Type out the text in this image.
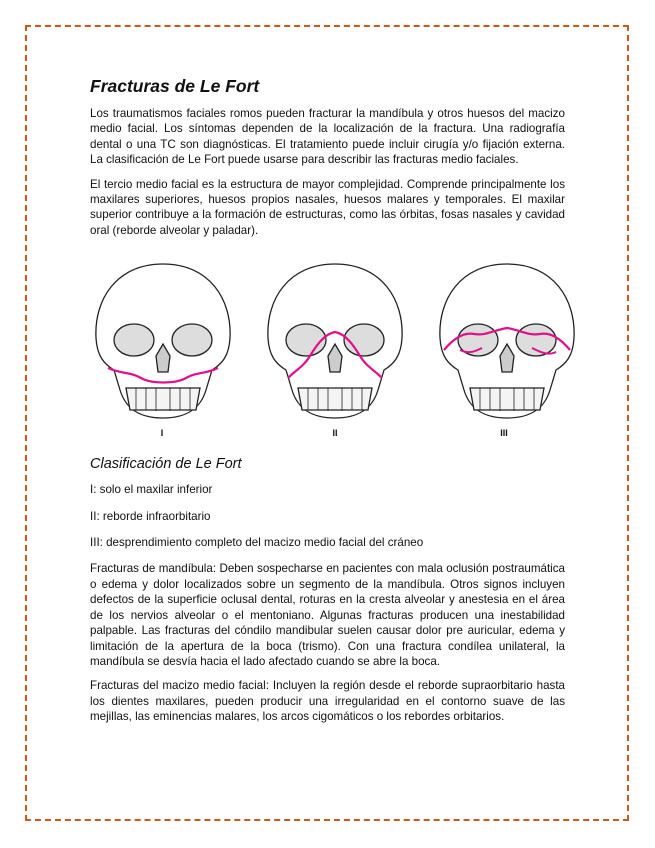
Fracturas de Le Fort

Los traumatismos faciales romos pueden fracturar la mandíbula y otros huesos del macizo medio facial. Los síntomas dependen de la localización de la fractura. Una radiografía dental o una TC son diagnósticas. El tratamiento puede incluir cirugía y/o fijación externa. La clasificación de Le Fort puede usarse para describir las fracturas medio faciales.

El tercio medio facial es la estructura de mayor complejidad. Comprende principalmente los maxilares superiores, huesos propios nasales, huesos malares y temporales. El maxilar superior contribuye a la formación de estructuras, como las órbitas, fosas nasales y cavidad oral (reborde alveolar y paladar).

I	II	III
Clasificación de Le Fort

I: solo el maxilar inferior

II: reborde infraorbitario

III: desprendimiento completo del macizo medio facial del cráneo

Fracturas de mandíbula: Deben sospecharse en pacientes con mala oclusión postraumática o edema y dolor localizados sobre un segmento de la mandíbula. Otros signos incluyen defectos de la superficie oclusal dental, roturas en la cresta alveolar y anestesia en el área de los nervios alveolar o el mentoniano. Algunas fracturas producen una inestabilidad palpable. Las fracturas del cóndilo mandibular suelen causar dolor pre auricular, edema y limitación de la apertura de la boca (trismo). Con una fractura condílea unilateral, la mandíbula se desvía hacia el lado afectado cuando se abre la boca.

Fracturas del macizo medio facial: Incluyen la región desde el reborde supraorbitario hasta los dientes maxilares, pueden producir una irregularidad en el contorno suave de las mejillas, las eminencias malares, los arcos cigomáticos o los rebordes orbitarios.
